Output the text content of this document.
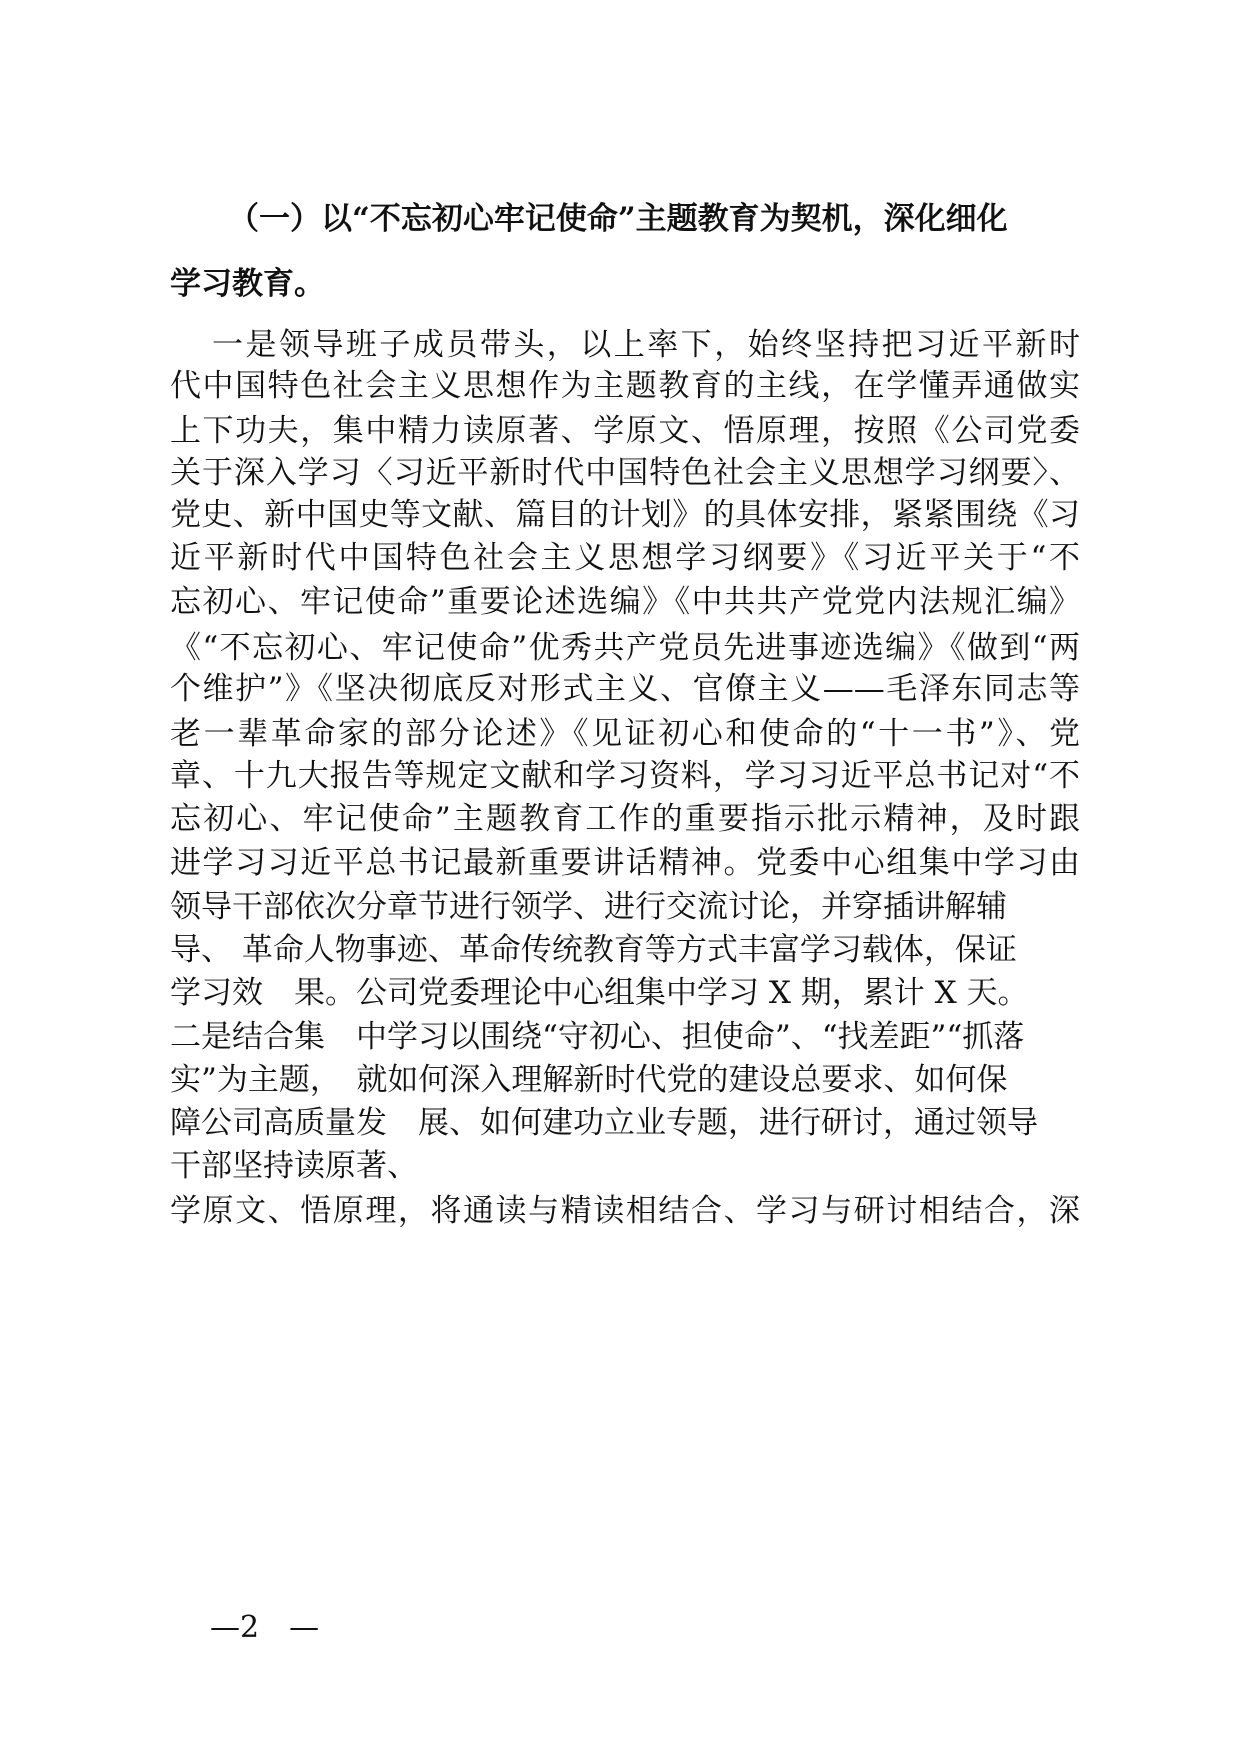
（一）以“不忘初心牢记使命”主题教育为契机，深化细化
学习教育。
一是领导班子成员带头，以上率下，始终坚持把习近平新时
代中国特色社会主义思想作为主题教育的主线，在学懂弄通做实
上下功夫，集中精力读原著、学原文、悟原理，按照《公司党委
关于深入学习〈习近平新时代中国特色社会主义思想学习纲要〉、
党史、新中国史等文献、篇目的计划》的具体安排，紧紧围绕《习
近平新时代中国特色社会主义思想学习纲要》《习近平关于“不
忘初心、牢记使命”重要论述选编》《中共共产党党内法规汇编》
《“不忘初心、牢记使命”优秀共产党员先进事迹选编》《做到“两
个维护”》《坚决彻底反对形式主义、官僚主义——毛泽东同志等
老一辈革命家的部分论述》《见证初心和使命的“十一书”》、党
章、十九大报告等规定文献和学习资料，学习习近平总书记对“不
忘初心、牢记使命”主题教育工作的重要指示批示精神，及时跟
进学习习近平总书记最新重要讲话精神。党委中心组集中学习由
领导干部依次分章节进行领学、进行交流讨论，并穿插讲解辅
导、 革命人物事迹、革命传统教育等方式丰富学习载体，保证
学习效　果。公司党委理论中心组集中学习 X 期，累计 X 天。
二是结合集　中学习以围绕“守初心、担使命”、“找差距”“抓落
实”为主题，　就如何深入理解新时代党的建设总要求、如何保
障公司高质量发　展、如何建功立业专题，进行研讨，通过领导
干部坚持读原著、
学原文、悟原理，将通读与精读相结合、学习与研讨相结合，深
—2　—
